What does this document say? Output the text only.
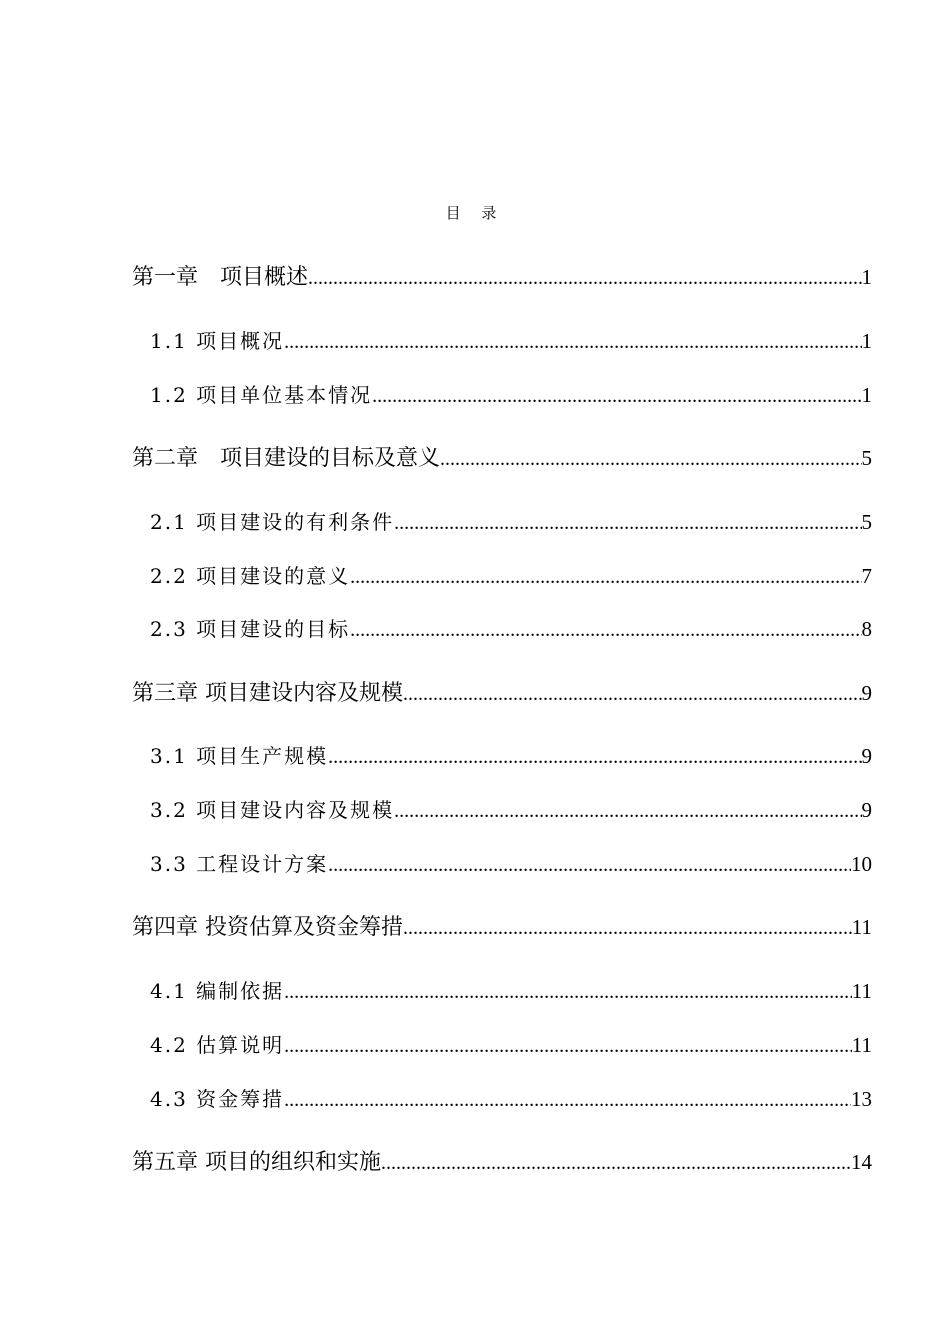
目 录
第一章　项目概述 .....	1
1.1 项目概况 .....	1
1.2 项目单位基本情况 .....	1
第二章　项目建设的目标及意义 .....	5
2.1 项目建设的有利条件 .....	5
2.2 项目建设的意义 .....	7
2.3 项目建设的目标 .....	8
第三章 项目建设内容及规模 .....	9
3.1 项目生产规模 .....	9
3.2 项目建设内容及规模 .....	9
3.3 工程设计方案 .....	10
第四章 投资估算及资金筹措 .....	11
4.1 编制依据 .....	11
4.2 估算说明 .....	11
4.3 资金筹措 .....	13
第五章 项目的组织和实施 .....	14
